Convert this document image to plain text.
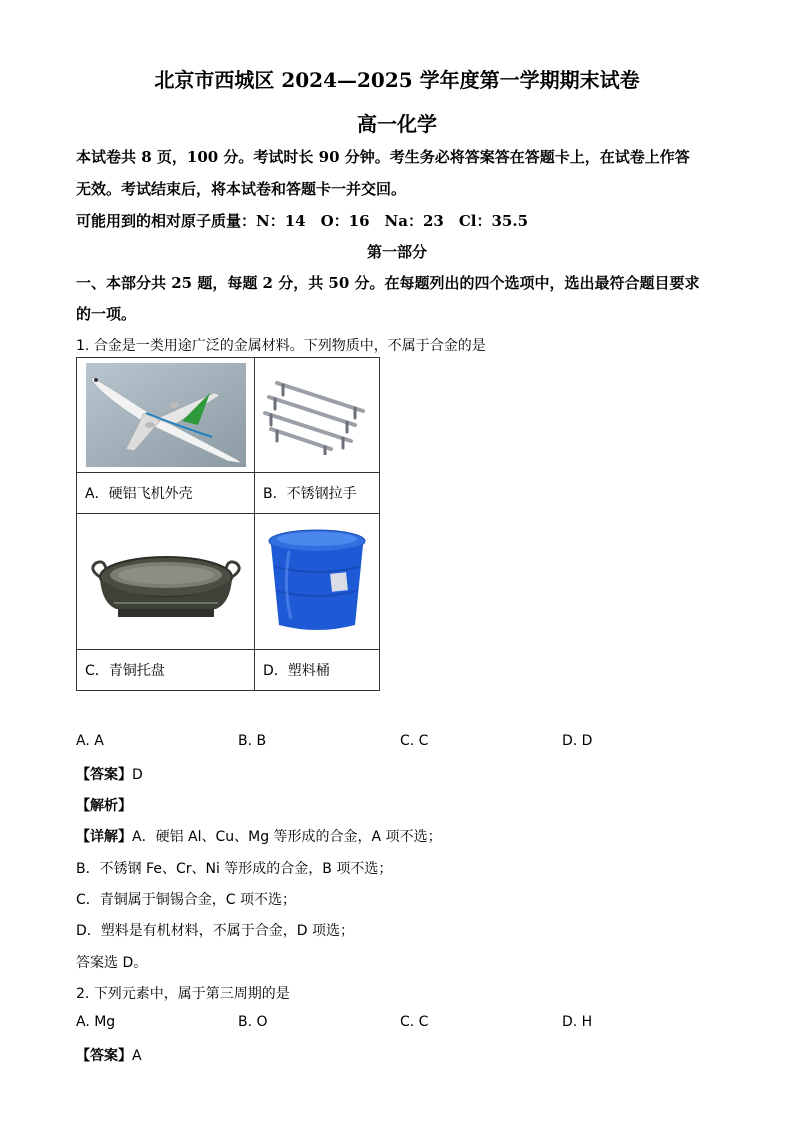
北京市西城区 2024—2025 学年度第一学期期末试卷
高一化学
本试卷共 8 页，100 分。考试时长 90 分钟。考生务必将答案答在答题卡上，在试卷上作答
无效。考试结束后，将本试卷和答题卡一并交回。
可能用到的相对原子质量：N：14　O：16　Na：23　Cl：35.5
第一部分
一、本部分共 25 题，每题 2 分，共 50 分。在每题列出的四个选项中，选出最符合题目要求
的一项。
1. 合金是一类用途广泛的金属材料。下列物质中，不属于合金的是

A．硬铝飞机外壳	B．不锈钢拉手

C．青铜托盘	D．塑料桶
A. A	B. B	C. C	D. D
【答案】D
【解析】
【详解】A．硬铝 Al、Cu、Mg 等形成的合金，A 项不选；
B．不锈钢 Fe、Cr、Ni 等形成的合金，B 项不选；
C．青铜属于铜锡合金，C 项不选；
D．塑料是有机材料，不属于合金，D 项选；
答案选 D。
2. 下列元素中，属于第三周期的是
A. Mg	B. O	C. C	D. H
【答案】A
